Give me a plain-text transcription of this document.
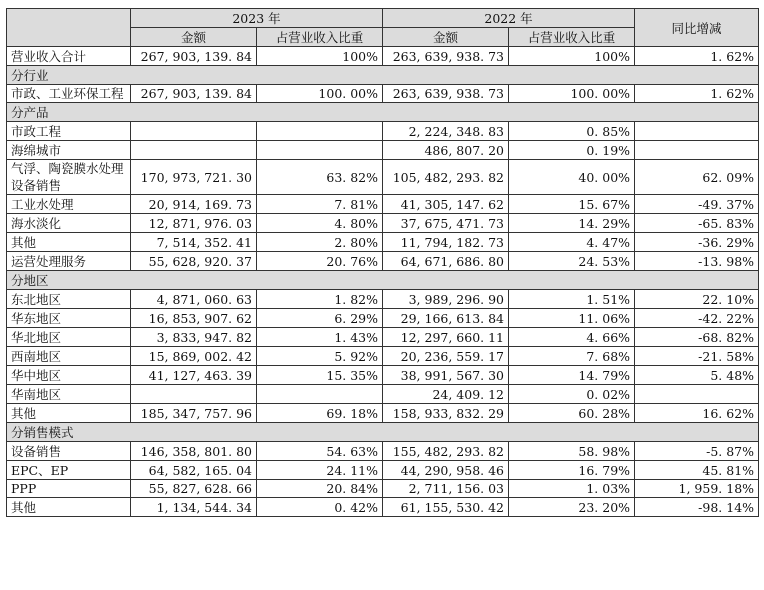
	2023 年		2022 年		同比增减
	金额	占营业收入比重	金额	占营业收入比重	
营业收入合计	267, 903, 139. 84	100%	263, 639, 938. 73	100%	1. 62%
分行业					
市政、工业环保工程	267, 903, 139. 84	100. 00%	263, 639, 938. 73	100. 00%	1. 62%
分产品					
市政工程			2, 224, 348. 83	0. 85%	
海绵城市			486, 807. 20	0. 19%	
气浮、陶瓷膜水处理设备销售	170, 973, 721. 30	63. 82%	105, 482, 293. 82	40. 00%	62. 09%
工业水处理	20, 914, 169. 73	7. 81%	41, 305, 147. 62	15. 67%	-49. 37%
海水淡化	12, 871, 976. 03	4. 80%	37, 675, 471. 73	14. 29%	-65. 83%
其他	7, 514, 352. 41	2. 80%	11, 794, 182. 73	4. 47%	-36. 29%
运营处理服务	55, 628, 920. 37	20. 76%	64, 671, 686. 80	24. 53%	-13. 98%
分地区					
东北地区	4, 871, 060. 63	1. 82%	3, 989, 296. 90	1. 51%	22. 10%
华东地区	16, 853, 907. 62	6. 29%	29, 166, 613. 84	11. 06%	-42. 22%
华北地区	3, 833, 947. 82	1. 43%	12, 297, 660. 11	4. 66%	-68. 82%
西南地区	15, 869, 002. 42	5. 92%	20, 236, 559. 17	7. 68%	-21. 58%
华中地区	41, 127, 463. 39	15. 35%	38, 991, 567. 30	14. 79%	5. 48%
华南地区			24, 409. 12	0. 02%	
其他	185, 347, 757. 96	69. 18%	158, 933, 832. 29	60. 28%	16. 62%
分销售模式					
设备销售	146, 358, 801. 80	54. 63%	155, 482, 293. 82	58. 98%	-5. 87%
EPC、EP	64, 582, 165. 04	24. 11%	44, 290, 958. 46	16. 79%	45. 81%
PPP	55, 827, 628. 66	20. 84%	2, 711, 156. 03	1. 03%	1, 959. 18%
其他	1, 134, 544. 34	0. 42%	61, 155, 530. 42	23. 20%	-98. 14%
